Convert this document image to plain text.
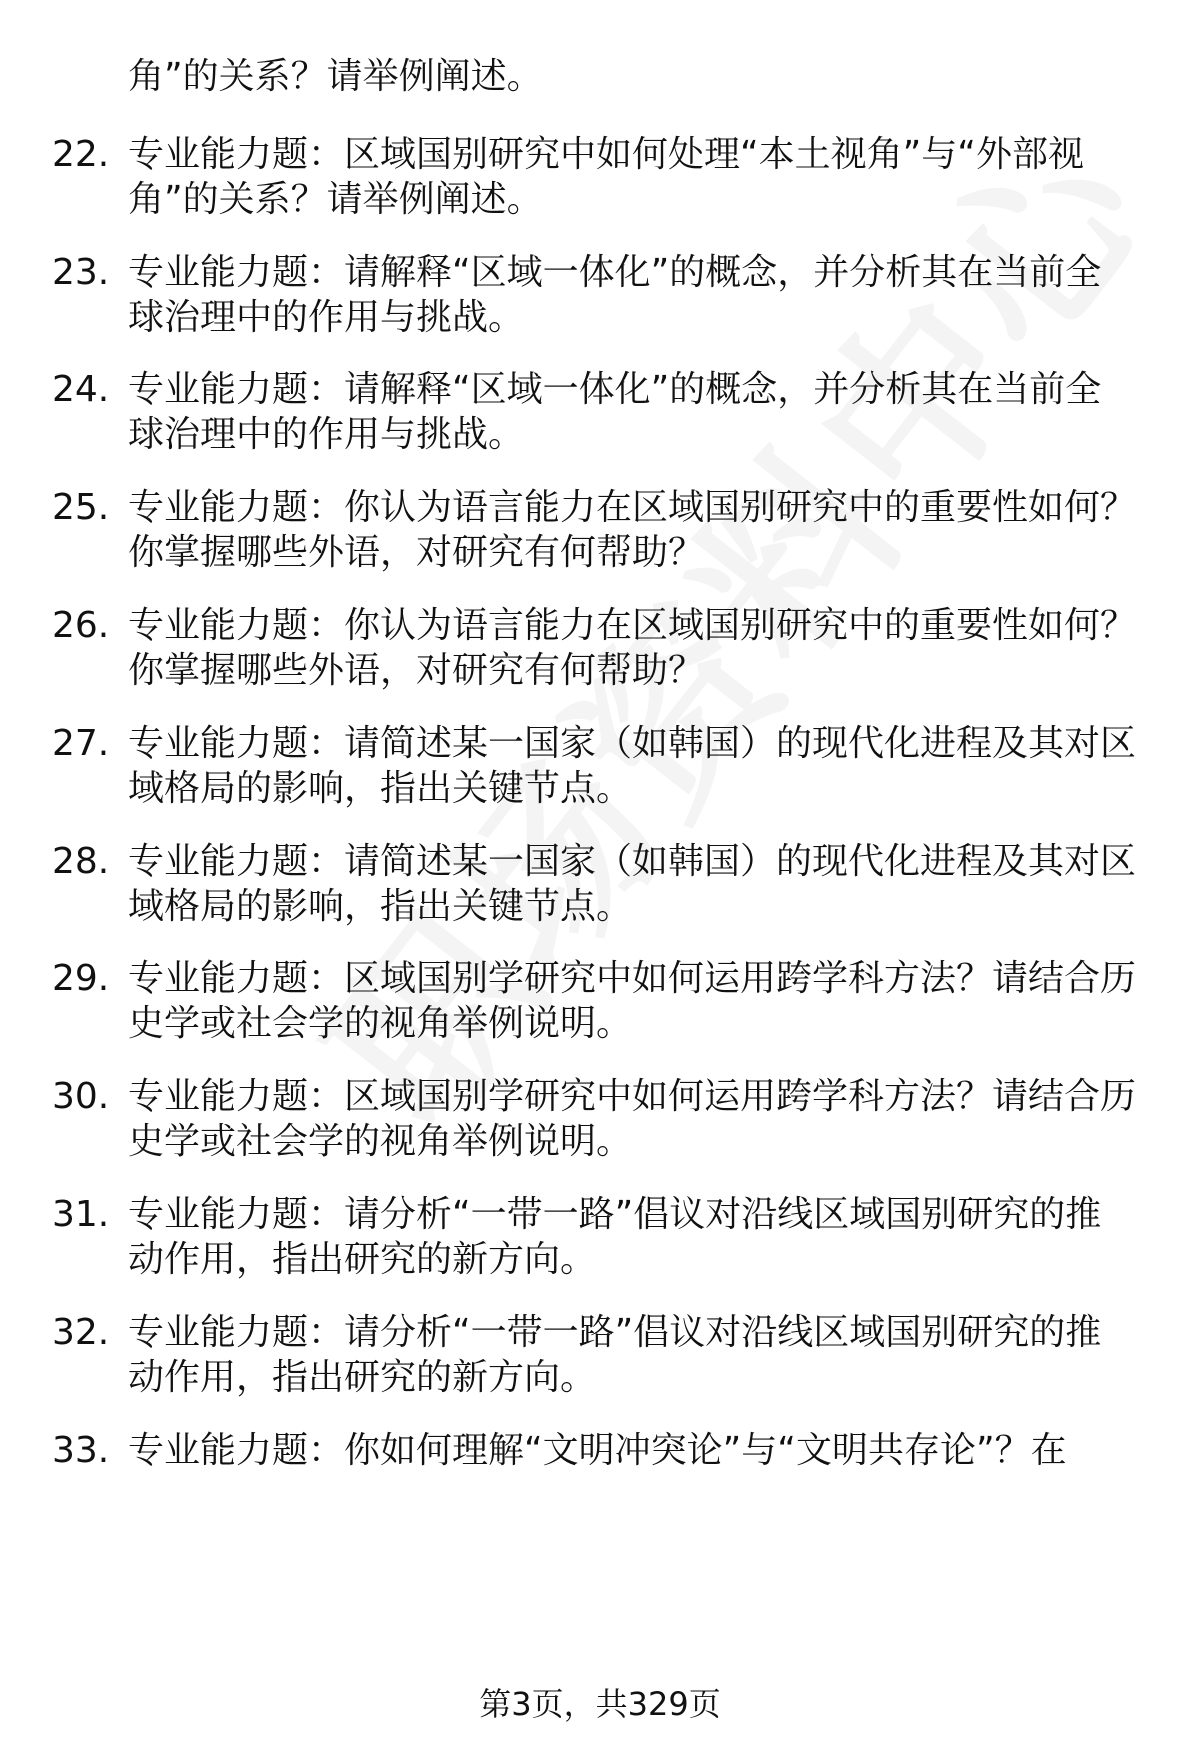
角”的关系？请举例阐述。
22. 专业能力题：区域国别研究中如何处理“本土视角”与“外部视
角”的关系？请举例阐述。
23. 专业能力题：请解释“区域一体化”的概念，并分析其在当前全
球治理中的作用与挑战。
24. 专业能力题：请解释“区域一体化”的概念，并分析其在当前全
球治理中的作用与挑战。
25. 专业能力题：你认为语言能力在区域国别研究中的重要性如何？
你掌握哪些外语，对研究有何帮助？
26. 专业能力题：你认为语言能力在区域国别研究中的重要性如何？
你掌握哪些外语，对研究有何帮助？
27. 专业能力题：请简述某一国家（如韩国）的现代化进程及其对区
域格局的影响，指出关键节点。
28. 专业能力题：请简述某一国家（如韩国）的现代化进程及其对区
域格局的影响，指出关键节点。
29. 专业能力题：区域国别学研究中如何运用跨学科方法？请结合历
史学或社会学的视角举例说明。
30. 专业能力题：区域国别学研究中如何运用跨学科方法？请结合历
史学或社会学的视角举例说明。
31. 专业能力题：请分析“一带一路”倡议对沿线区域国别研究的推
动作用，指出研究的新方向。
32. 专业能力题：请分析“一带一路”倡议对沿线区域国别研究的推
动作用，指出研究的新方向。
33. 专业能力题：你如何理解“文明冲突论”与“文明共存论”？在
第3页，共329页
